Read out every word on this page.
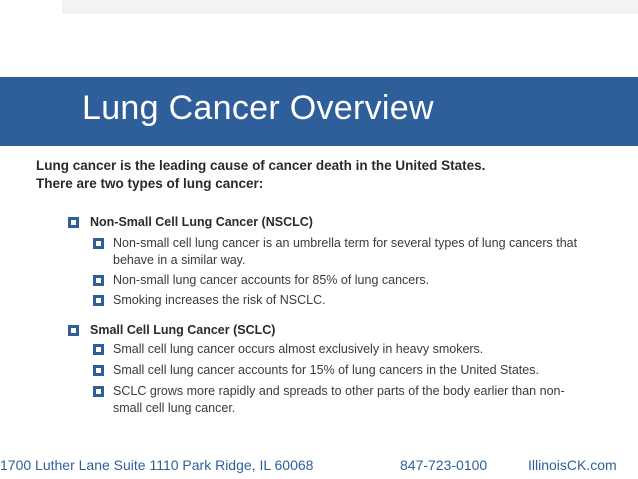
Lung Cancer Overview
Lung cancer is the leading cause of cancer death in the United States.
There are two types of lung cancer:
Non-Small Cell Lung Cancer (NSCLC)
Non-small cell lung cancer is an umbrella term for several types of lung cancers that behave in a similar way.
Non-small lung cancer accounts for 85% of lung cancers.
Smoking increases the risk of NSCLC.
Small Cell Lung Cancer (SCLC)
Small cell lung cancer occurs almost exclusively in heavy smokers.
Small cell lung cancer accounts for 15% of lung cancers in the United States.
SCLC grows more rapidly and spreads to other parts of the body earlier than non-small cell lung cancer.
1700 Luther Lane Suite 1110 Park Ridge, IL 60068	847-723-0100	IllinoisCK.com
